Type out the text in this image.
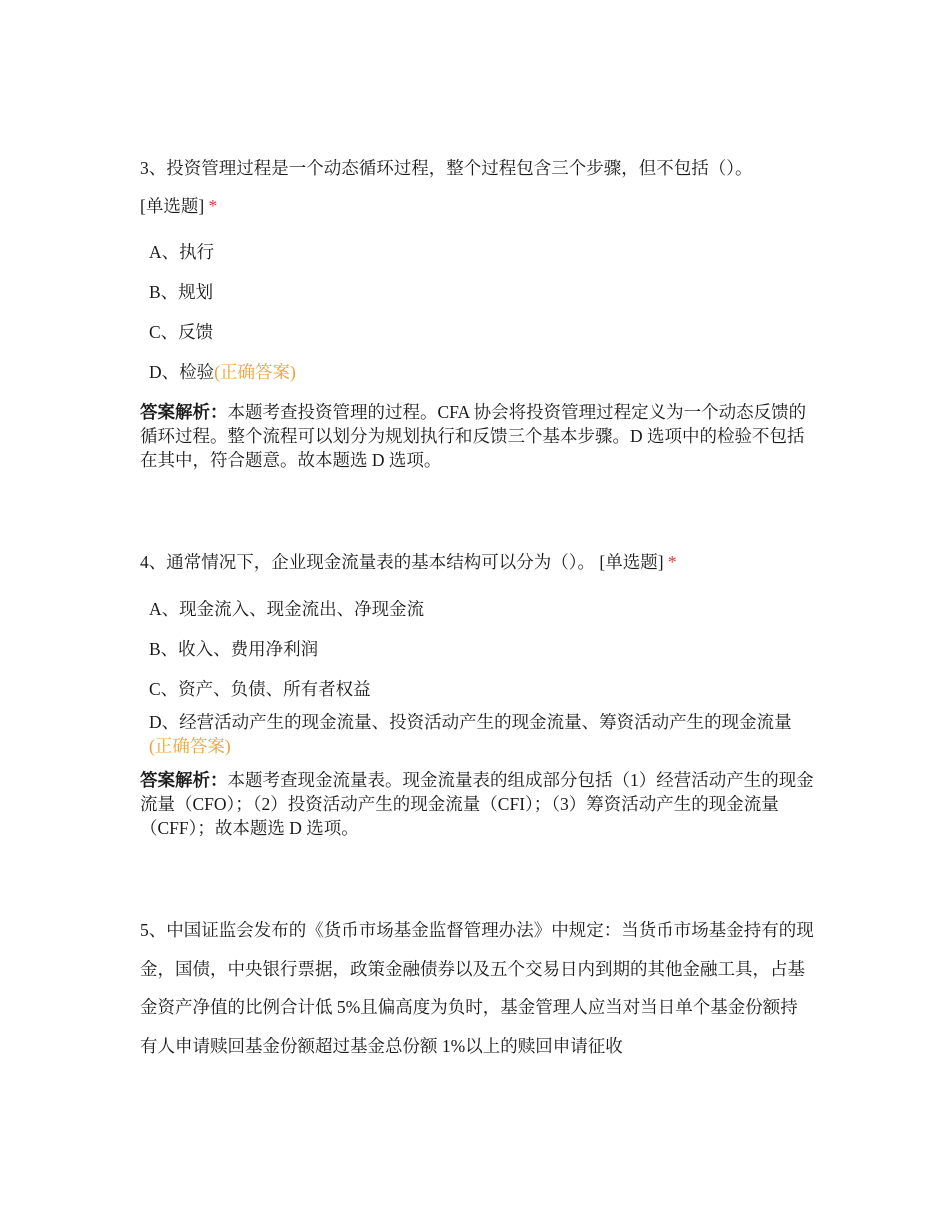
3、投资管理过程是一个动态循环过程，整个过程包含三个步骤，但不包括（）。
[单选题] *

A、执行

B、规划

C、反馈

D、检验(正确答案)

答案解析：本题考查投资管理的过程。CFA 协会将投资管理过程定义为一个动态反馈的循环过程。整个流程可以划分为规划执行和反馈三个基本步骤。D 选项中的检验不包括在其中，符合题意。故本题选 D 选项。

4、通常情况下，企业现金流量表的基本结构可以分为（）。 [单选题] *

A、现金流入、现金流出、净现金流

B、收入、费用净利润

C、资产、负债、所有者权益

D、经营活动产生的现金流量、投资活动产生的现金流量、筹资活动产生的现金流量(正确答案)

答案解析：本题考查现金流量表。现金流量表的组成部分包括（1）经营活动产生的现金流量（CFO）；（2）投资活动产生的现金流量（CFI）；（3）筹资活动产生的现金流量（CFF）；故本题选 D 选项。

5、中国证监会发布的《货币市场基金监督管理办法》中规定：当货币市场基金持有的现金，国债，中央银行票据，政策金融债券以及五个交易日内到期的其他金融工具，占基金资产净值的比例合计低 5%且偏高度为负时，基金管理人应当对当日单个基金份额持有人申请赎回基金份额超过基金总份额 1%以上的赎回申请征收
